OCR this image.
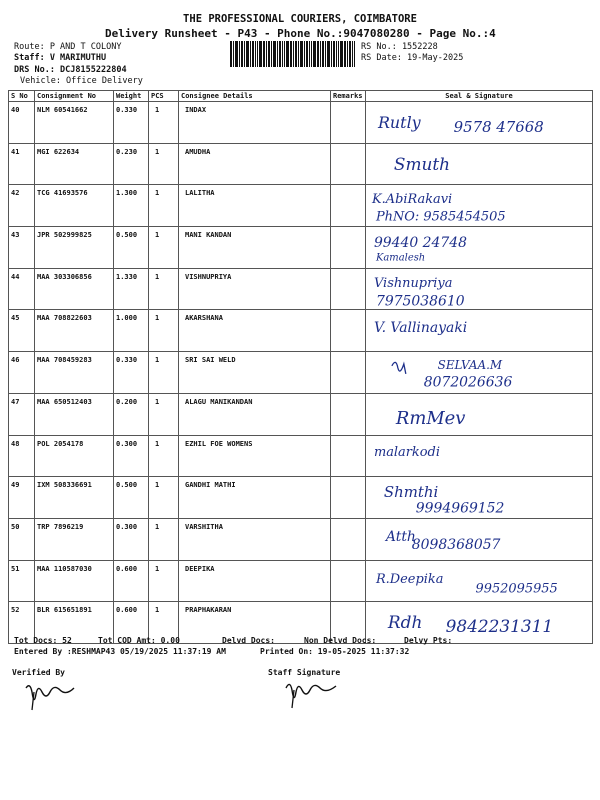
THE PROFESSIONAL COURIERS, COIMBATORE
Delivery Runsheet - P43 - Phone No.:9047080280 - Page No.:4
Route: P AND T COLONY
Staff: V MARIMUTHU
DRS No.: DCJ8155222804
Vehicle: Office Delivery
RS No.: 1552228
RS Date: 19-May-2025
S No	Consignment No	Weight	PCS	Consignee Details	Remarks	Seal & Signature
40	NLM 60541662	0.330	1	INDAX		Rutly 9578 47668

41	MGI 622634	0.230	1	AMUDHA		Smuth

42	TCG 41693576	1.300	1	LALITHA		K.AbiRakavi
PhNO: 9585454505

43	JPR 502999825	0.500	1	MANI KANDAN		99440 24748
Kamalesh

44	MAA 303306856	1.330	1	VISHNUPRIYA		Vishnupriya
7975038610

45	MAA 708822603	1.000	1	AKARSHANA		V. Vallinayaki

46	MAA 708459283	0.330	1	SRI SAI WELD		SELVAA.M
8072026636

47	MAA 650512403	0.200	1	ALAGU MANIKANDAN		RmMev

48	POL 2054178	0.300	1	EZHIL FOE WOMENS		malarkodi

49	IXM 508336691	0.500	1	GANDHI MATHI		Shmthi
9994969152

50	TRP 7896219	0.300	1	VARSHITHA		Atth
8098368057

51	MAA 110587030	0.600	1	DEEPIKA		R.Deepika
9952095955

52	BLR 615651891	0.600	1	PRAPHAKARAN		Rdh 9842231311
Tot Docs: 52	Tot COD Amt: 0.00	Delvd Docs:	Non Delvd Docs:	Delvy Pts:
Entered By :RESHMAP43 05/19/2025 11:37:19 AM	Printed On: 19-05-2025 11:37:32
Verified By	Staff Signature
